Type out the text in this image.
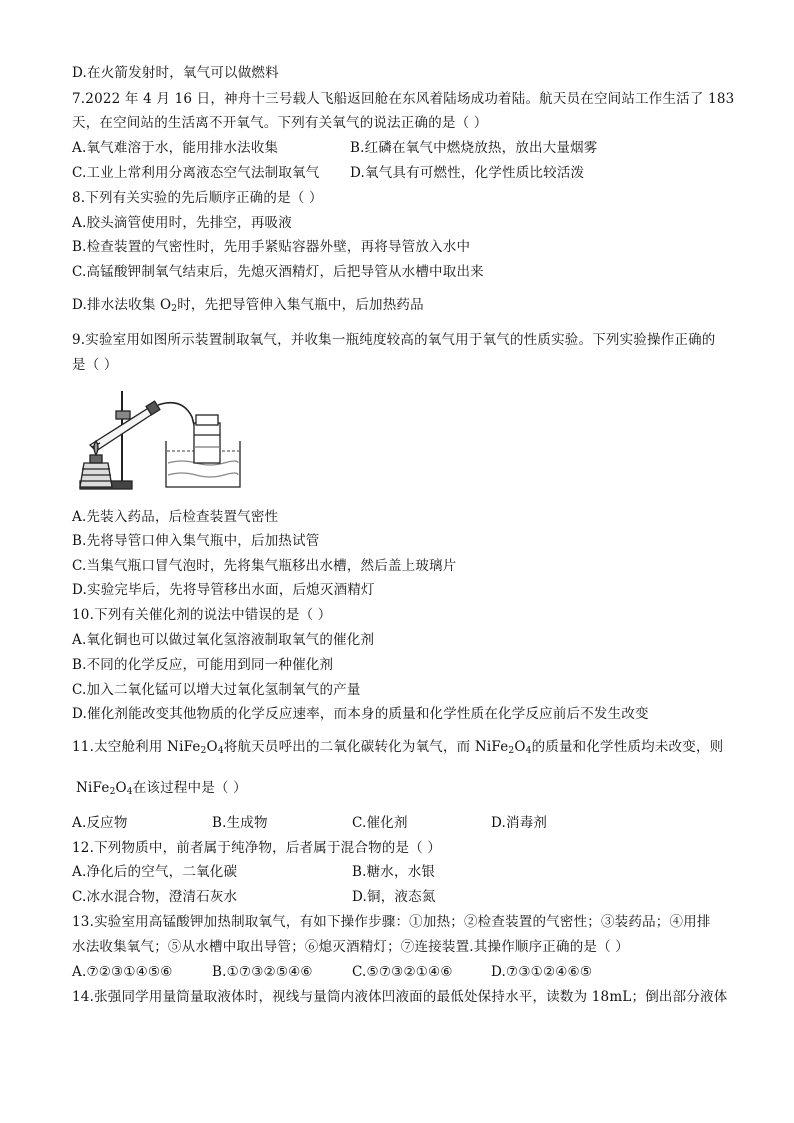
D.在火箭发射时，氧气可以做燃料
7.2022 年 4 月 16 日，神舟十三号载人飞船返回舱在东风着陆场成功着陆。航天员在空间站工作生活了 183
天，在空间站的生活离不开氧气。下列有关氧气的说法正确的是（ ）
A.氧气难溶于水，能用排水法收集	B.红磷在氧气中燃烧放热，放出大量烟雾
C.工业上常利用分离液态空气法制取氧气 D.氧气具有可燃性，化学性质比较活泼
8.下列有关实验的先后顺序正确的是（ ）
A.胶头滴管使用时，先排空，再吸液
B.检查装置的气密性时，先用手紧贴容器外壁，再将导管放入水中
C.高锰酸钾制氧气结束后，先熄灭酒精灯，后把导管从水槽中取出来
D.排水法收集 $O_2$时，先把导管伸入集气瓶中，后加热药品
9.实验室用如图所示装置制取氧气，并收集一瓶纯度较高的氧气用于氧气的性质实验。下列实验操作正确的
是（ ）
A.先装入药品，后检查装置气密性
B.先将导管口伸入集气瓶中，后加热试管
C.当集气瓶口冒气泡时，先将集气瓶移出水槽，然后盖上玻璃片
D.实验完毕后，先将导管移出水面，后熄灭酒精灯
10.下列有关催化剂的说法中错误的是（ ）
A.氧化铜也可以做过氧化氢溶液制取氧气的催化剂
B.不同的化学反应，可能用到同一种催化剂
C.加入二氧化锰可以增大过氧化氢制氧气的产量
D.催化剂能改变其他物质的化学反应速率，而本身的质量和化学性质在化学反应前后不发生改变
11.太空舱利用 $NiFe_2O_4$将航天员呼出的二氧化碳转化为氧气，而 $NiFe_2O_4$的质量和化学性质均未改变，则
$NiFe_2O_4$在该过程中是（ ）
A.反应物	B.生成物	C.催化剂	D.消毒剂
12.下列物质中，前者属于纯净物，后者属于混合物的是（ ）
A.净化后的空气，二氧化碳	B.糖水，水银
C.冰水混合物，澄清石灰水	D.铜，液态氮
13.实验室用高锰酸钾加热制取氧气，有如下操作步骤：①加热；②检查装置的气密性；③装药品；④用排
水法收集氧气；⑤从水槽中取出导管；⑥熄灭酒精灯；⑦连接装置.其操作顺序正确的是（ ）
A.⑦②③①④⑤⑥	B.①⑦③②⑤④⑥	C.⑤⑦③②①④⑥	D.⑦③①②④⑥⑤
14.张强同学用量筒量取液体时，视线与量筒内液体凹液面的最低处保持水平，读数为 18mL；倒出部分液体
